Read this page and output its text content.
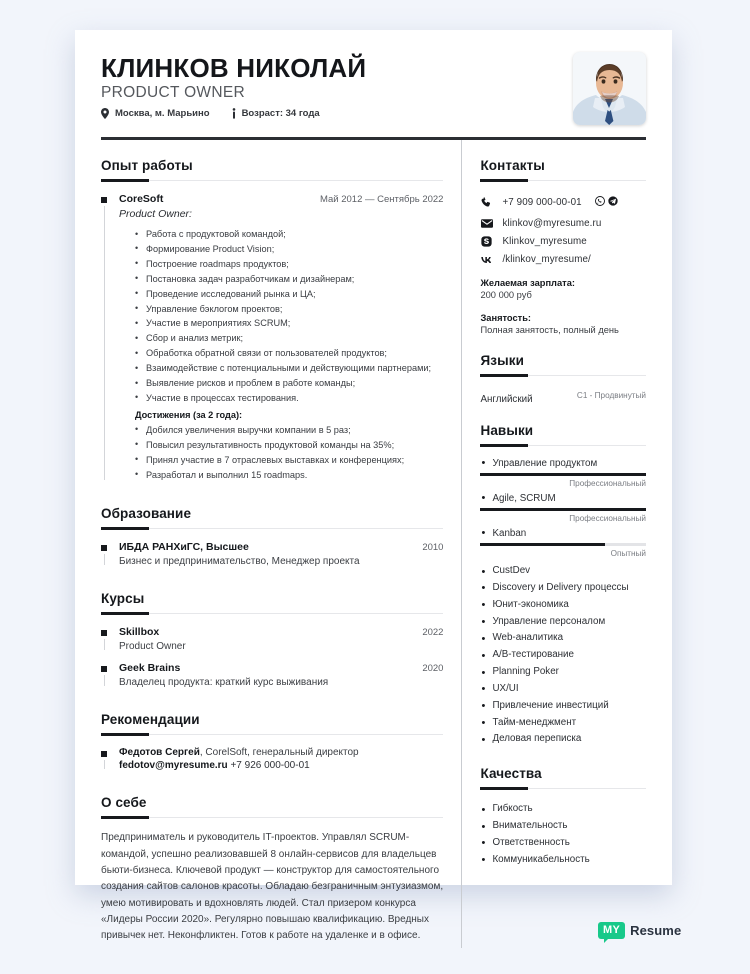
КЛИНКОВ НИКОЛАЙ
PRODUCT OWNER
Москва, м. Марьино	Возраст: 34 года
Опыт работы
CoreSoft	Май 2012 — Сентябрь 2022
Product Owner:
• Работа с продуктовой командой;
• Формирование Product Vision;
• Построение roadmaps продуктов;
• Постановка задач разработчикам и дизайнерам;
• Проведение исследований рынка и ЦА;
• Управление бэклогом проектов;
• Участие в мероприятиях SCRUM;
• Сбор и анализ метрик;
• Обработка обратной связи от пользователей продуктов;
• Взаимодействие с потенциальными и действующими партнерами;
• Выявление рисков и проблем в работе команды;
• Участие в процессах тестирования.
Достижения (за 2 года):
• Добился увеличения выручки компании в 5 раз;
• Повысил результативность продуктовой команды на 35%;
• Принял участие в 7 отраслевых выставках и конференциях;
• Разработал и выполнил 15 roadmaps.
Образование
ИБДА РАНХиГС, Высшее	2010
Бизнес и предпринимательство, Менеджер проекта
Курсы
Skillbox	2022
Product Owner
Geek Brains	2020
Владелец продукта: краткий курс выживания
Рекомендации
Федотов Сергей, CorelSoft, генеральный директор
fedotov@myresume.ru +7 926 000-00-01
О себе
Предприниматель и руководитель IT-проектов. Управлял SCRUM-командой, успешно реализовавшей 8 онлайн-сервисов для владельцев бьюти-бизнеса. Ключевой продукт — конструктор для самостоятельного создания сайтов салонов красоты. Обладаю безграничным энтузиазмом, умею мотивировать и вдохновлять людей. Стал призером конкурса «Лидеры России 2020». Регулярно повышаю квалификацию. Вредных привычек нет. Неконфликтен. Готов к работе на удаленке и в офисе.
Контакты
+7 909 000-00-01
klinkov@myresume.ru
Klinkov_myresume
/klinkov_myresume/
Желаемая зарплата:
200 000 руб
Занятость:
Полная занятость, полный день
Языки
Английский	C1 - Продвинутый
Навыки
• Управление продуктом
Профессиональный
• Agile, SCRUM
Профессиональный
• Kanban
Опытный
• CustDev
• Discovery и Delivery процессы
• Юнит-экономика
• Управление персоналом
• Web-аналитика
• A/B-тестирование
• Planning Poker
• UX/UI
• Привлечение инвестиций
• Тайм-менеджмент
• Деловая переписка
Качества
• Гибкость
• Внимательность
• Ответственность
• Коммуникабельность
MY Resume
